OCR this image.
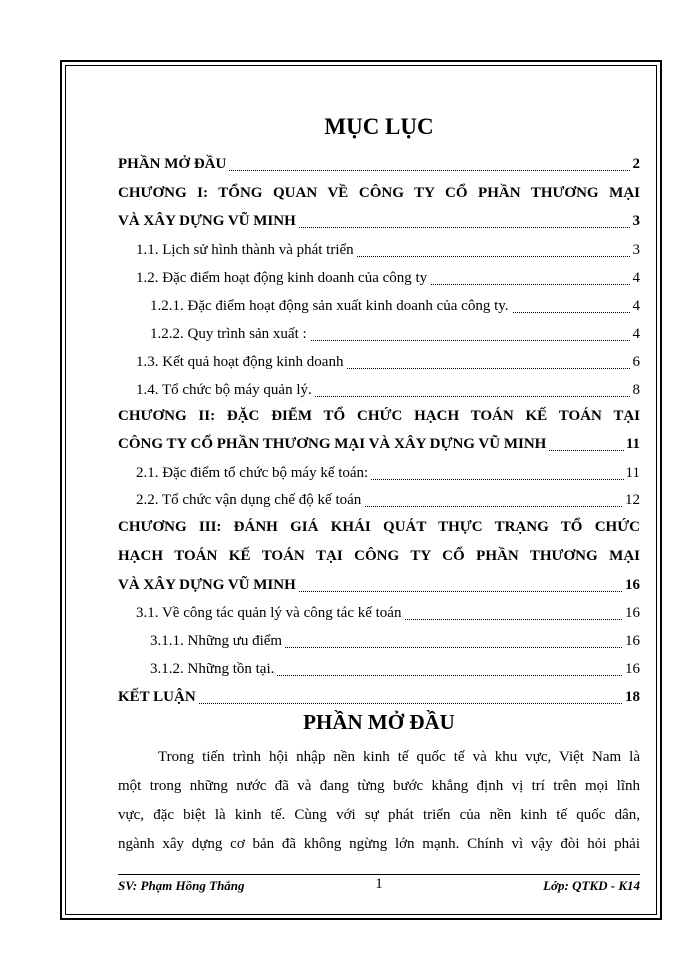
MỤC LỤC
PHẦN MỞ ĐẦU	2
CHƯƠNG I: TỔNG QUAN VỀ CÔNG TY CỔ PHẦN THƯƠNG MẠI
VÀ XÂY DỰNG VŨ MINH	3
1.1. Lịch sử hình thành và phát triển	3
1.2. Đặc điểm hoạt động kinh doanh của công ty	4
1.2.1. Đặc điểm hoạt động sản xuất kinh doanh của công ty.	4
1.2.2. Quy trình sản xuất :	4
1.3. Kết quả hoạt động kinh doanh	6
1.4. Tổ chức bộ máy quản lý.	8
CHƯƠNG II: ĐẶC ĐIỂM TỔ CHỨC HẠCH TOÁN KẾ TOÁN TẠI
CÔNG TY CỔ PHẦN THƯƠNG MẠI VÀ XÂY DỰNG VŨ MINH	11
2.1. Đặc điểm tổ chức bộ máy kế toán:	11
2.2. Tổ chức vận dụng chế độ kế toán	12
CHƯƠNG III: ĐÁNH GIÁ KHÁI QUÁT THỰC TRẠNG TỔ CHỨC
HẠCH TOÁN KẾ TOÁN TẠI CÔNG TY CỔ PHẦN THƯƠNG MẠI
VÀ XÂY DỰNG VŨ MINH	16
3.1. Về công tác quản lý và công tác kế toán	16
3.1.1. Những ưu điểm	16
3.1.2. Những tồn tại.	16
KẾT LUẬN	18
PHẦN MỞ ĐẦU
Trong tiến trình hội nhập nền kinh tế quốc tế và khu vực, Việt Nam là
một trong những nước đã và đang từng bước khẳng định vị trí trên mọi lĩnh
vực, đặc biệt là kinh tế. Cùng với sự phát triển của nền kinh tế quốc dân,
ngành xây dựng cơ bản đã không ngừng lớn mạnh. Chính vì vậy đòi hỏi phải
SV: Phạm Hồng Thắng	1	Lớp: QTKD - K14
